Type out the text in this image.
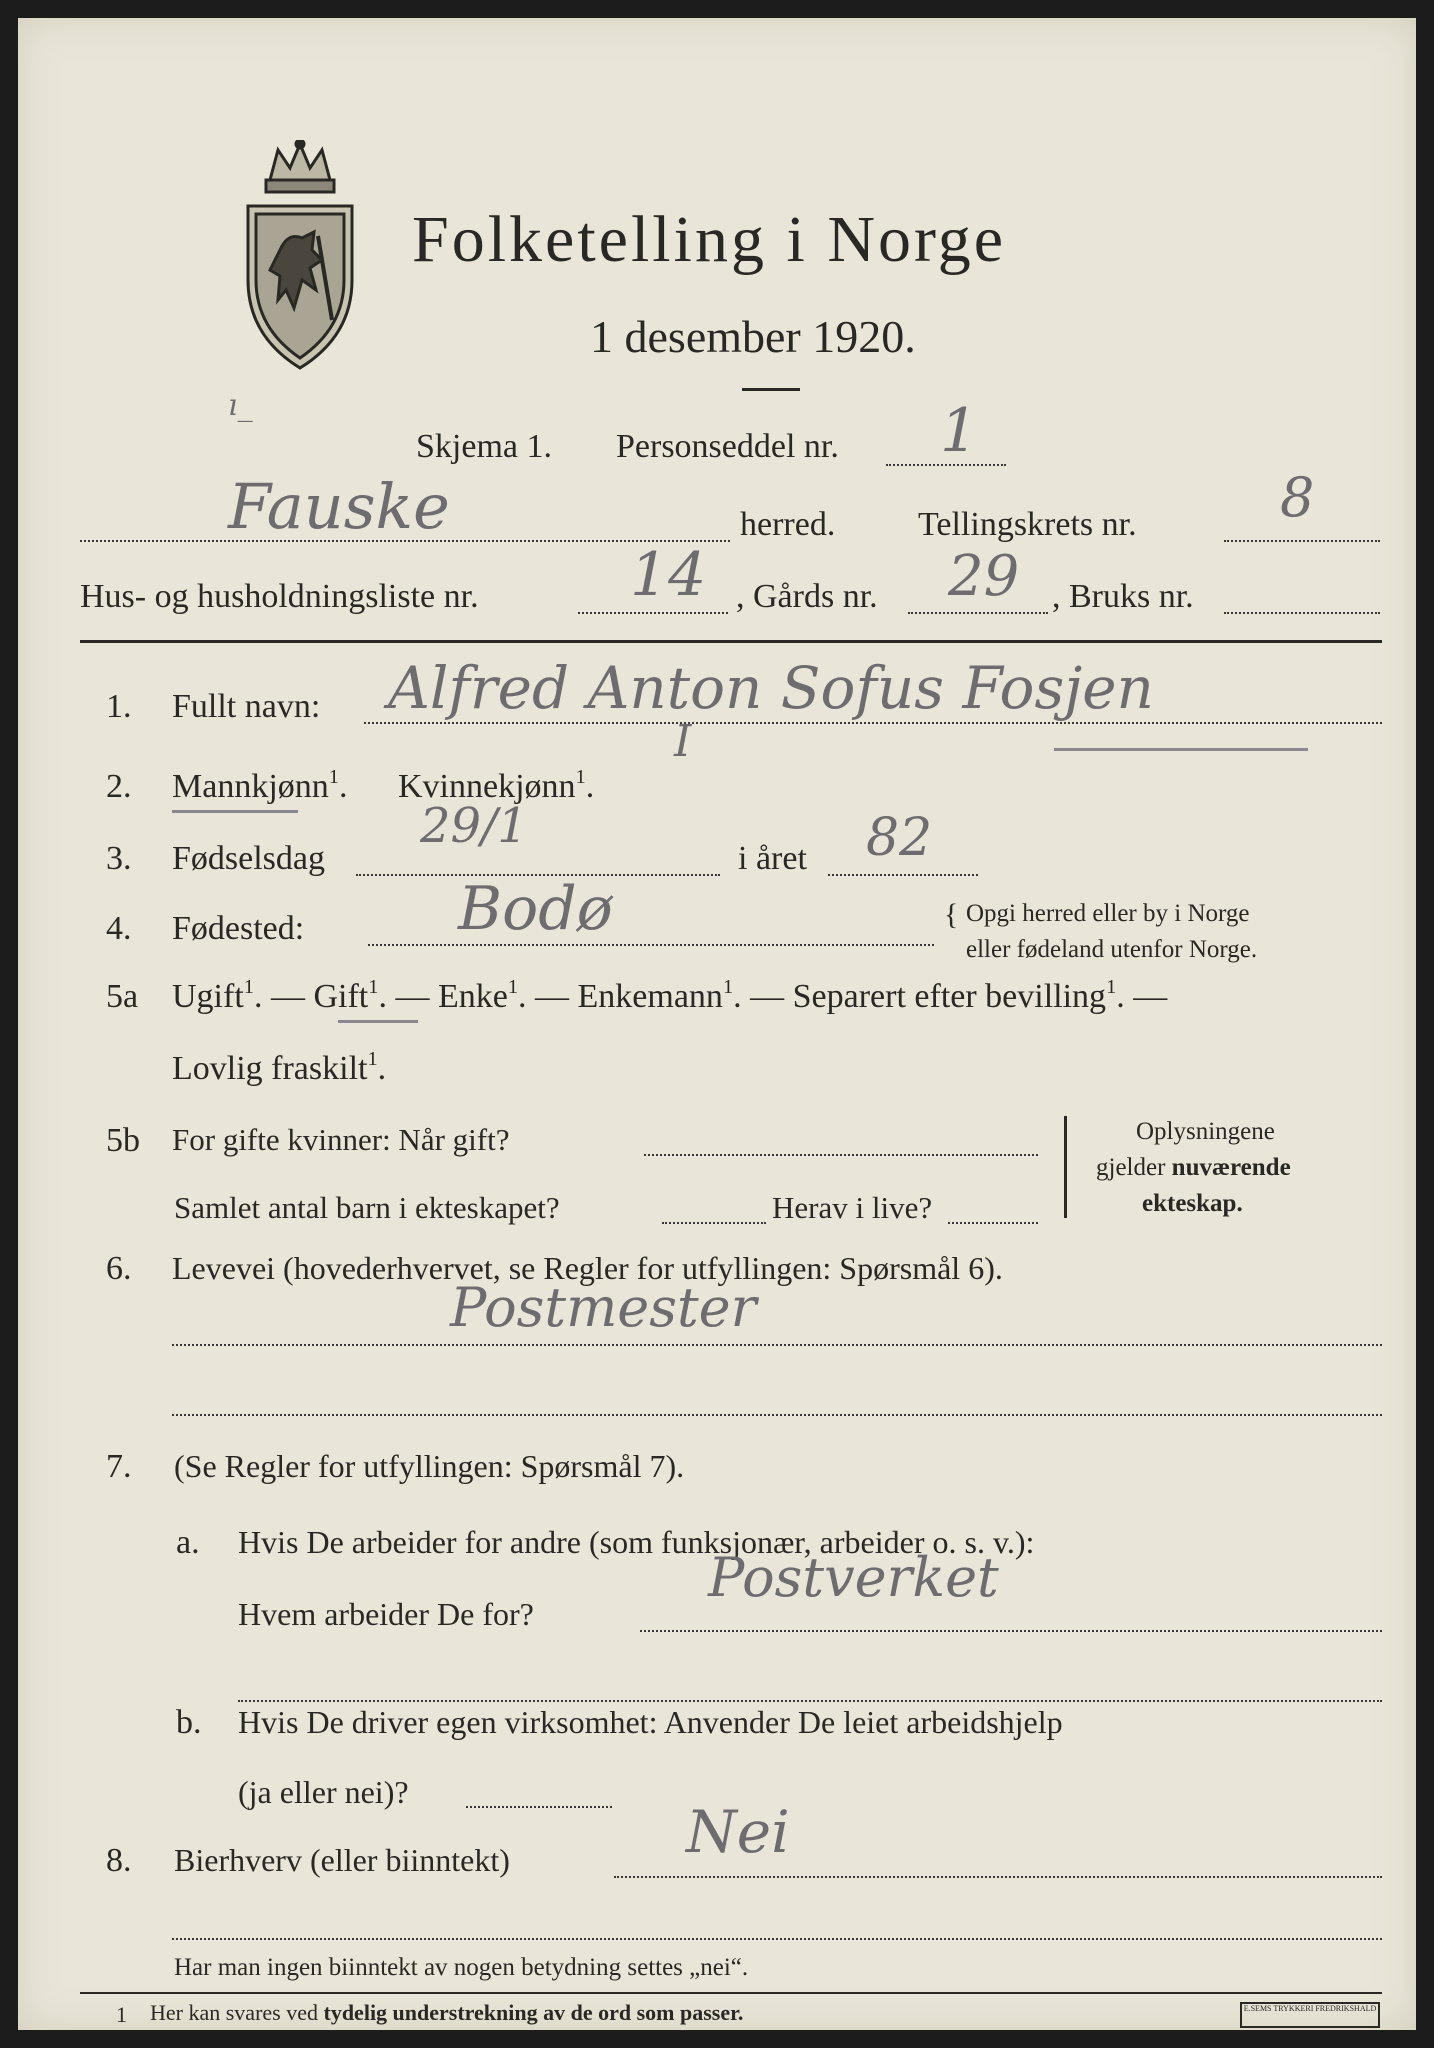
Folketelling i Norge
1 desember 1920.
ı_
Skjema 1. Personseddel nr. 1
Fauske	herred. Tellingskrets nr.	8
Hus- og husholdningsliste nr.	14 , Gårds nr. 29 , Bruks nr.
1. Fullt navn: Alfred Anton Sofus Fosjen
I
2. Mannkjønn$^1$. Kvinnekjønn$^1$.
3. Fødselsdag
29/1
i året 82
4. Fødested:	Bodø	{ Opgi herred eller by i Norge
eller fødeland utenfor Norge.
5a Ugift$^1$. — Gift$^1$. — Enke$^1$. — Enkemann$^1$. — Separert efter bevilling$^1$. —
Lovlig fraskilt$^1$.
5b For gifte kvinner: Når gift?
Samlet antal barn i ekteskapet?	Herav i live?
Oplysningene
gjelder nuværende
ekteskap.
6. Levevei (hovederhvervet, se Regler for utfyllingen: Spørsmål 6).
Postmester
7. (Se Regler for utfyllingen: Spørsmål 7).
a. Hvis De arbeider for andre (som funksjonær, arbeider o. s. v.):
Hvem arbeider De for?
Postverket
b. Hvis De driver egen virksomhet: Anvender De leiet arbeidshjelp
(ja eller nei)?
8. Bierhverv (eller biinntekt)	Nei
Har man ingen biinntekt av nogen betydning settes „nei“.
1 Her kan svares ved tydelig understrekning av de ord som passer.	E.SEMS TRYKKERI FREDRIKSHALD
